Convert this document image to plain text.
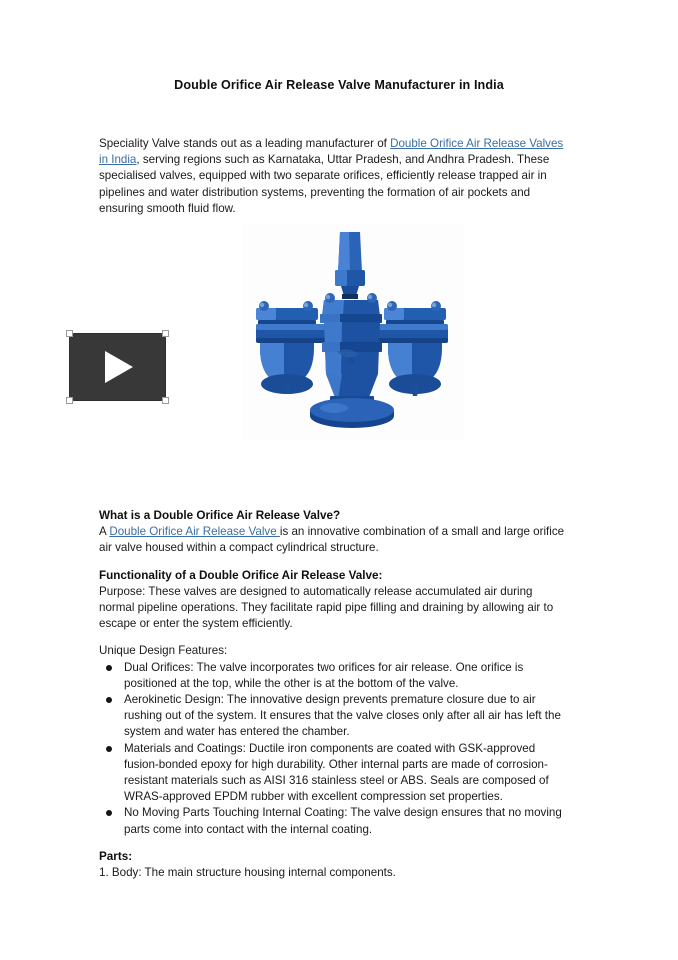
Double Orifice Air Release Valve Manufacturer in India

Speciality Valve stands out as a leading manufacturer of Double Orifice Air Release Valves in India, serving regions such as Karnataka, Uttar Pradesh, and Andhra Pradesh. These specialised valves, equipped with two separate orifices, efficiently release trapped air in pipelines and water distribution systems, preventing the formation of air pockets and ensuring smooth fluid flow.

R
What is a Double Orifice Air Release Valve?

A Double Orifice Air Release Valve is an innovative combination of a small and large orifice air valve housed within a compact cylindrical structure.

Functionality of a Double Orifice Air Release Valve:

Purpose: These valves are designed to automatically release accumulated air during normal pipeline operations. They facilitate rapid pipe filling and draining by allowing air to escape or enter the system efficiently.

Unique Design Features:
Dual Orifices: The valve incorporates two orifices for air release. One orifice is positioned at the top, while the other is at the bottom of the valve.
Aerokinetic Design: The innovative design prevents premature closure due to air rushing out of the system. It ensures that the valve closes only after all air has left the system and water has entered the chamber.
Materials and Coatings: Ductile iron components are coated with GSK-approved fusion-bonded epoxy for high durability. Other internal parts are made of corrosion-resistant materials such as AISI 316 stainless steel or ABS. Seals are composed of WRAS-approved EPDM rubber with excellent compression set properties.
No Moving Parts Touching Internal Coating: The valve design ensures that no moving parts come into contact with the internal coating.
Parts:

1. Body: The main structure housing internal components.
